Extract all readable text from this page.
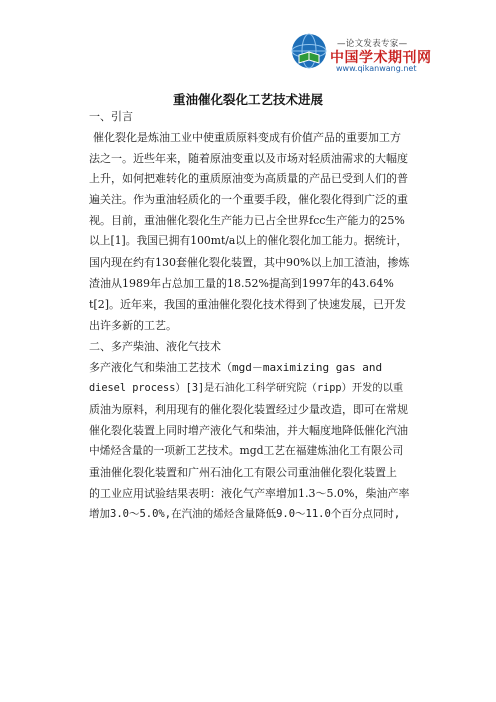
—论文发表专家—
中国学术期刊网
www.qikanwang.net
重油催化裂化工艺技术进展
一、引言
催化裂化是炼油工业中使重质原料变成有价值产品的重要加工方
法之一。近些年来，随着原油变重以及市场对轻质油需求的大幅度
上升，如何把难转化的重质原油变为高质量的产品已受到人们的普
遍关注。作为重油轻质化的一个重要手段，催化裂化得到广泛的重
视。目前，重油催化裂化生产能力已占全世界fcc生产能力的25%
以上[1]。我国已拥有100mt/a以上的催化裂化加工能力。据统计，
国内现在约有130套催化裂化装置，其中90%以上加工渣油，掺炼
渣油从1989年占总加工量的18.52%提高到1997年的43.64%
t[2]。近年来，我国的重油催化裂化技术得到了快速发展，已开发
出许多新的工艺。
二、多产柴油、液化气技术
多产液化气和柴油工艺技术（mgd－maximizing gas and
diesel process）[3]是石油化工科学研究院（ripp）开发的以重
质油为原料，利用现有的催化裂化装置经过少量改造，即可在常规
催化裂化装置上同时增产液化气和柴油，并大幅度地降低催化汽油
中烯烃含量的一项新工艺技术。mgd工艺在福建炼油化工有限公司
重油催化裂化装置和广州石油化工有限公司重油催化裂化装置上
的工业应用试验结果表明：液化气产率增加1.3～5.0%，柴油产率
增加3.0～5.0%,在汽油的烯烃含量降低9.0～11.0个百分点同时,
